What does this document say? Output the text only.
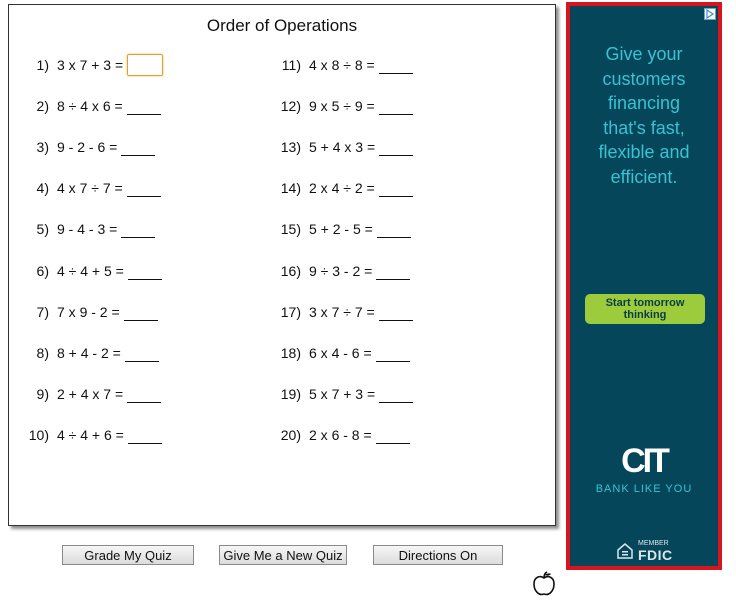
Order of Operations
1) 3 x 7 + 3 =
2) 8 ÷ 4 x 6 =
3) 9 - 2 - 6 =
4) 4 x 7 ÷ 7 =
5) 9 - 4 - 3 =
6) 4 ÷ 4 + 5 =
7) 7 x 9 - 2 =
8) 8 + 4 - 2 =
9) 2 + 4 x 7 =
10) 4 ÷ 4 + 6 =
11) 4 x 8 ÷ 8 =
12) 9 x 5 ÷ 9 =
13) 5 + 4 x 3 =
14) 2 x 4 ÷ 2 =
15) 5 + 2 - 5 =
16) 9 ÷ 3 - 2 =
17) 3 x 7 ÷ 7 =
18) 6 x 4 - 6 =
19) 5 x 7 + 3 =
20) 2 x 6 - 8 =
Grade My Quiz	Give Me a New Quiz	Directions On
Give your
customers
financing
that's fast,
flexible and
efficient.
Start tomorrow
thinking
CIT
BANK LIKE YOU
MEMBER
FDIC
